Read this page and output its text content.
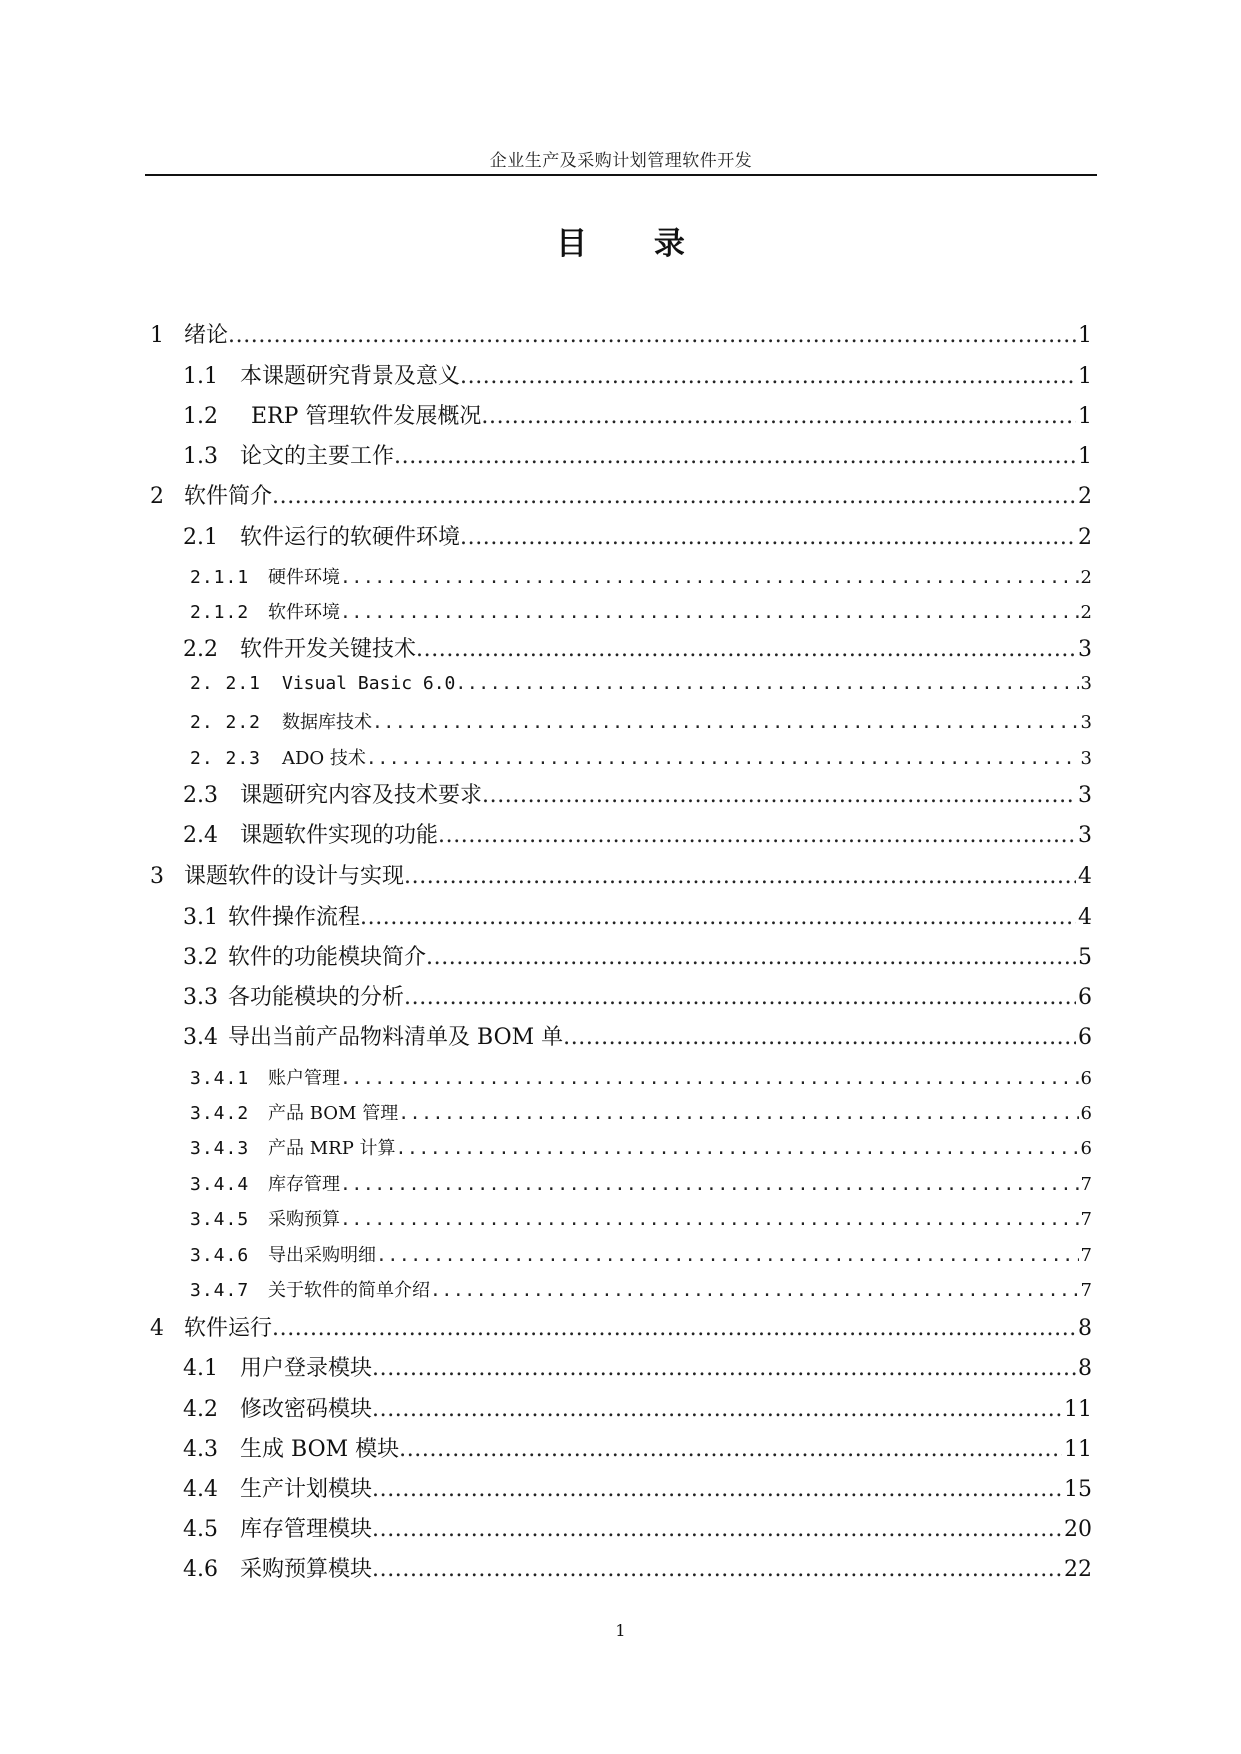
企业生产及采购计划管理软件开发
目 录
1 绪论 .....	1
1.1	本课题研究背景及意义 .....	1
1.2	ERP 管理软件发展概况 .....	1
1.3	论文的主要工作 .....	1
2 软件简介 .....	2
2.1	软件运行的软硬件环境 .....	2
2.1.1	硬件环境 .....	2
2.1.2	软件环境 .....	2
2.2	软件开发关键技术 .....	3
2. 2.1	Visual Basic 6.0 .....	3
2. 2.2	数据库技术 .....	3
2. 2.3	ADO 技术 .....	3
2.3	课题研究内容及技术要求 .....	3
2.4	课题软件实现的功能 .....	3
3 课题软件的设计与实现 .....	4
3.1 软件操作流程 .....	4
3.2 软件的功能模块简介 .....	5
3.3 各功能模块的分析 .....	6
3.4 导出当前产品物料清单及 BOM 单 .....	6
3.4.1	账户管理 .....	6
3.4.2	产品 BOM 管理 .....	6
3.4.3	产品 MRP 计算 .....	6
3.4.4	库存管理 .....	7
3.4.5	采购预算 .....	7
3.4.6	导出采购明细 .....	7
3.4.7	关于软件的简单介绍 .....	7
4 软件运行 .....	8
4.1	用户登录模块 .....	8
4.2	修改密码模块 .....	11
4.3	生成 BOM 模块 .....	11
4.4	生产计划模块 .....	15
4.5	库存管理模块 .....	20
4.6	采购预算模块 .....	22
1
